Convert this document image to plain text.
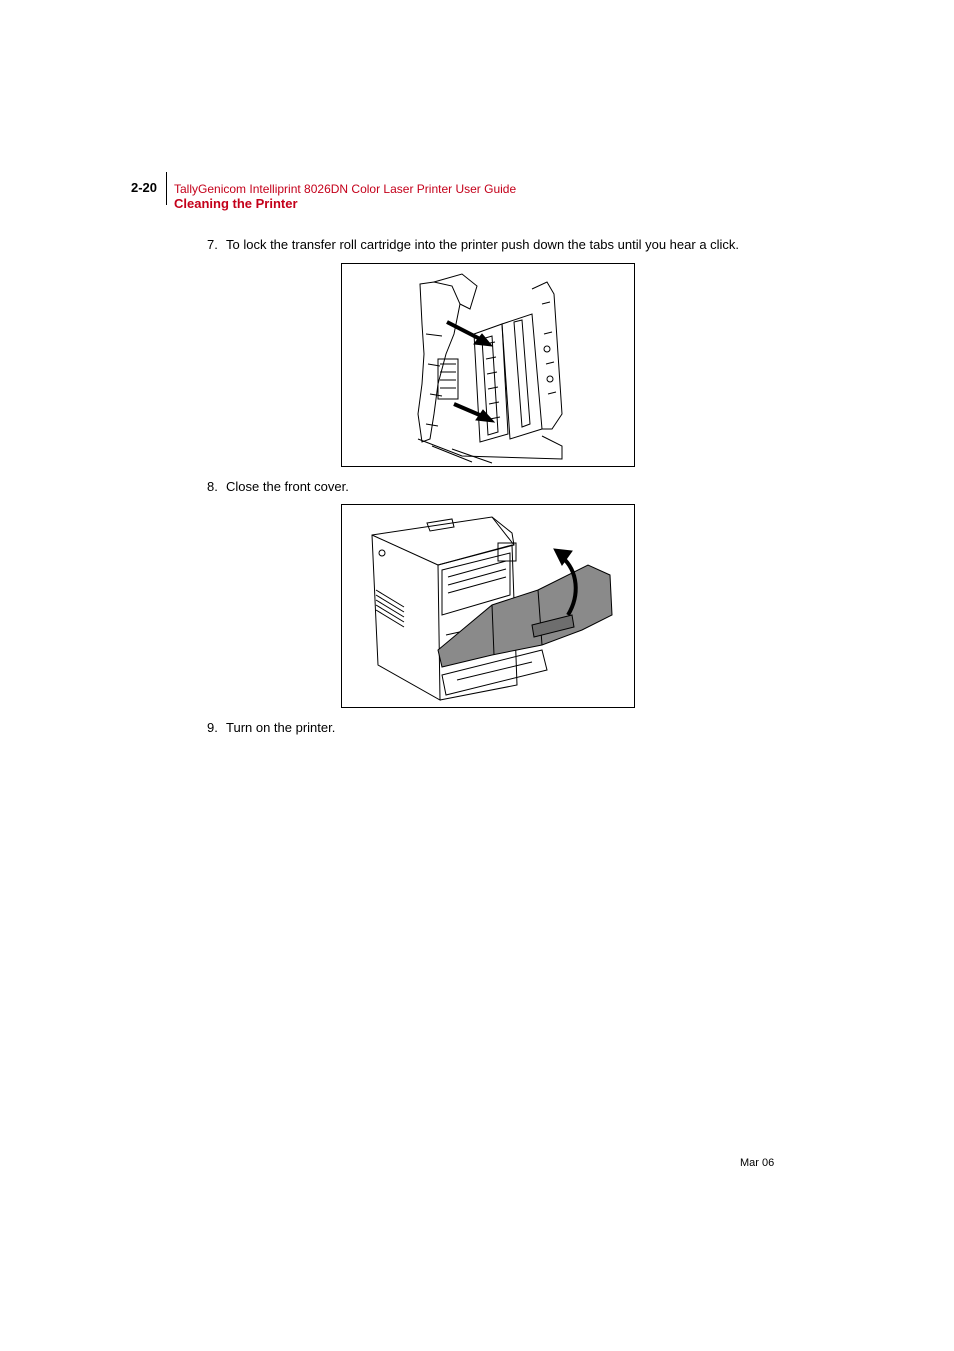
2-20 TallyGenicom Intelliprint 8026DN Color Laser Printer User Guide
Cleaning the Printer
7. To lock the transfer roll cartridge into the printer push down the tabs until you hear a click.
8. Close the front cover.
9. Turn on the printer.
Mar 06
